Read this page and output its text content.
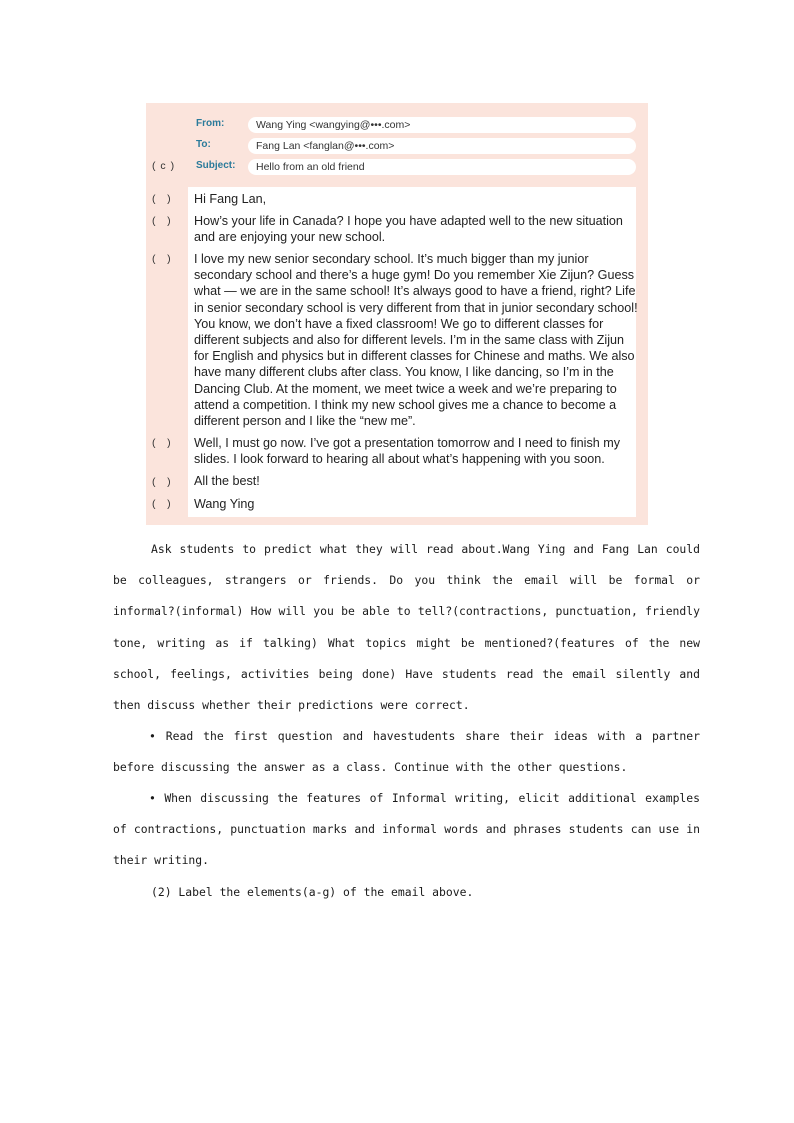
From:	Wang Ying <wangying@•••.com>
To:	Fang Lan <fanglan@•••.com>
( c ) Subject:	Hello from an old friend
(    ) Hi Fang Lan,
(    ) How’s your life in Canada? I hope you have adapted well to the new situation and are enjoying your new school.
(    ) I love my new senior secondary school. It’s much bigger than my junior secondary school and there’s a huge gym! Do you remember Xie Zijun? Guess what — we are in the same school! It’s always good to have a friend, right? Life in senior secondary school is very different from that in junior secondary school! You know, we don’t have a fixed classroom! We go to different classes for different subjects and also for different levels. I’m in the same class with Zijun for English and physics but in different classes for Chinese and maths. We also have many different clubs after class. You know, I like dancing, so I’m in the Dancing Club. At the moment, we meet twice a week and we’re preparing to attend a competition. I think my new school gives me a chance to become a different person and I like the “new me”.
(    ) Well, I must go now. I’ve got a presentation tomorrow and I need to finish my slides. I look forward to hearing all about what’s happening with you soon.
(    ) All the best!
(    ) Wang Ying
Ask students to predict what they will read about.Wang Ying and Fang Lan could be colleagues, strangers or friends. Do you think the email will be formal or informal?(informal) How will you be able to tell?(contractions, punctuation, friendly tone, writing as if talking) What topics might be mentioned?(features of the new school, feelings, activities being done) Have students read the email silently and then discuss whether their predictions were correct.
• Read the first question and havestudents share their ideas with a partner before discussing the answer as a class. Continue with the other questions.
• When discussing the features of Informal writing, elicit additional examples of contractions, punctuation marks and informal words and phrases students can use in their writing.
(2) Label the elements(a-g) of the email above.
